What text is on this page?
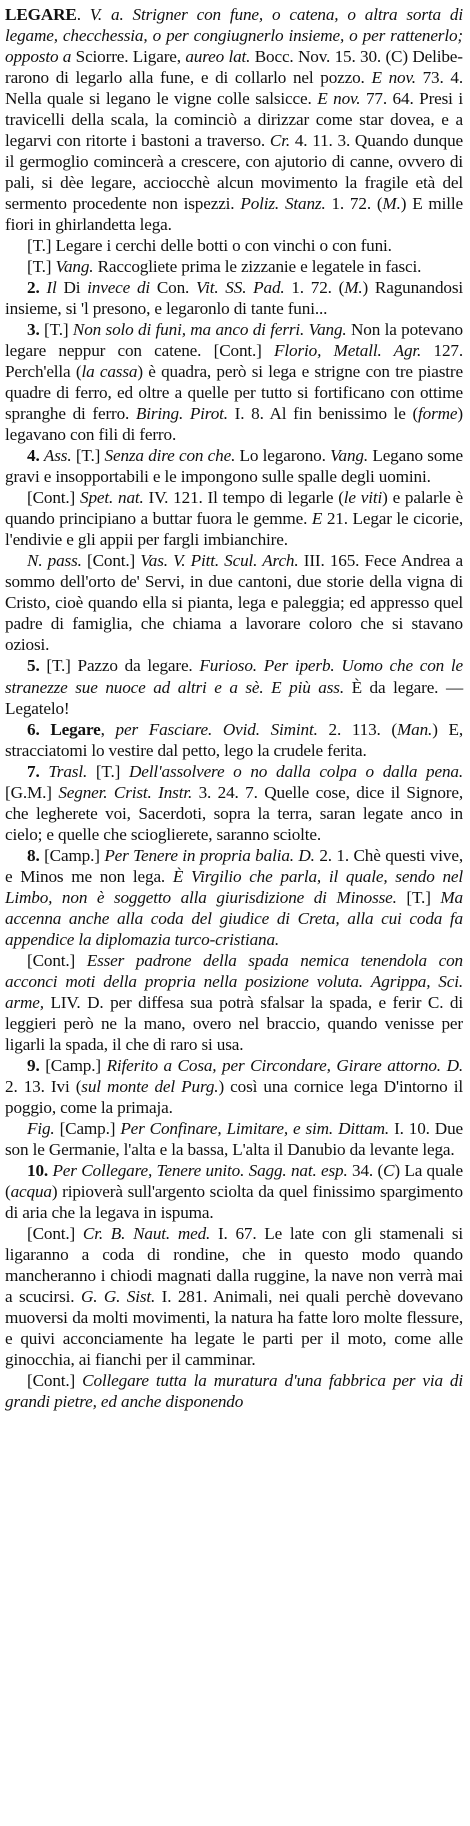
LEGARE. V. a. Strigner con fune, o catena, o altra sorta di legame, checchessia, o per congiugnerlo insieme, o per rattenerlo; opposto a Sciorre. Ligare, aureo lat. Bocc. Nov. 15. 30. (C) Deliberarono di legarlo alla fune, e di collarlo nel pozzo. E nov. 73. 4. Nella quale si legano le vigne colle salsicce. E nov. 77. 64. Presi i travicelli della scala, la cominciò a dirizzar come star dovea, e a legarvi con ritorte i bastoni a traverso. Cr. 4. 11. 3. Quando dunque il germoglio comincerà a crescere, con ajutorio di canne, ovvero di pali, si dèe legare, acciocchè alcun movimento la fragile età del sermento procedente non ispezzi. Poliz. Stanz. 1. 72. (M.) E mille fiori in ghirlandetta lega.

[T.] Legare i cerchi delle botti o con vinchi o con funi.

[T.] Vang. Raccogliete prima le zizzanie e legatele in fasci.

2. Il Di invece di Con. Vit. SS. Pad. 1. 72. (M.) Ragunandosi insieme, si 'l presono, e legaronlo di tante funi...

3. [T.] Non solo di funi, ma anco di ferri. Vang. Non la potevano legare neppur con catene. [Cont.] Florio, Metall. Agr. 127. Perch'ella (la cassa) è quadra, però si lega e strigne con tre piastre quadre di ferro, ed oltre a quelle per tutto si fortificano con ottime spranghe di ferro. Biring. Pirot. I. 8. Al fin benissimo le (forme) legavano con fili di ferro.

4. Ass. [T.] Senza dire con che. Lo legarono. Vang. Legano some gravi e insopportabili e le impongono sulle spalle degli uomini.

[Cont.] Spet. nat. IV. 121. Il tempo di legarle (le viti) e palarle è quando principiano a buttar fuora le gemme. E 21. Legar le cicorie, l'endivie e gli appii per fargli imbianchire.

N. pass. [Cont.] Vas. V. Pitt. Scul. Arch. III. 165. Fece Andrea a sommo dell'orto de' Servi, in due cantoni, due storie della vigna di Cristo, cioè quando ella si pianta, lega e paleggia; ed appresso quel padre di famiglia, che chiama a lavorare coloro che si stavano oziosi.

5. [T.] Pazzo da legare. Furioso. Per iperb. Uomo che con le stranezze sue nuoce ad altri e a sè. E più ass. È da legare. — Legatelo!

6. Legare, per Fasciare. Ovid. Simint. 2. 113. (Man.) E, stracciatomi lo vestire dal petto, lego la crudele ferita.

7. Trasl. [T.] Dell'assolvere o no dalla colpa o dalla pena. [G.M.] Segner. Crist. Instr. 3. 24. 7. Quelle cose, dice il Signore, che legherete voi, Sacerdoti, sopra la terra, saran legate anco in cielo; e quelle che scioglierete, saranno sciolte.

8. [Camp.] Per Tenere in propria balia. D. 2. 1. Chè questi vive, e Minos me non lega. È Virgilio che parla, il quale, sendo nel Limbo, non è soggetto alla giurisdizione di Minosse. [T.] Ma accenna anche alla coda del giudice di Creta, alla cui coda fa appendice la diplomazia turco-cristiana.

[Cont.] Esser padrone della spada nemica tenendola con acconci moti della propria nella posizione voluta. Agrippa, Sci. arme, LIV. D. per diffesa sua potrà sfalsar la spada, e ferir C. di leggieri però ne la mano, overo nel braccio, quando venisse per ligarli la spada, il che di raro si usa.

9. [Camp.] Riferito a Cosa, per Circondare, Girare attorno. D. 2. 13. Ivi (sul monte del Purg.) così una cornice lega D'intorno il poggio, come la primaja.

Fig. [Camp.] Per Confinare, Limitare, e sim. Dittam. I. 10. Due son le Germanie, l'alta e la bassa, L'alta il Danubio da levante lega.

10. Per Collegare, Tenere unito. Sagg. nat. esp. 34. (C) La quale (acqua) ripioverà sull'argento sciolta da quel finissimo spargimento di aria che la legava in ispuma.

[Cont.] Cr. B. Naut. med. I. 67. Le late con gli stamenali si ligaranno a coda di rondine, che in questo modo quando mancheranno i chiodi magnati dalla ruggine, la nave non verrà mai a scucirsi. G. G. Sist. I. 281. Animali, nei quali perchè dovevano muoversi da molti movimenti, la natura ha fatte loro molte flessure, e quivi acconciamente ha legate le parti per il moto, come alle ginocchia, ai fianchi per il camminar.

[Cont.] Collegare tutta la muratura d'una fabbrica per via di grandi pietre, ed anche disponendo
